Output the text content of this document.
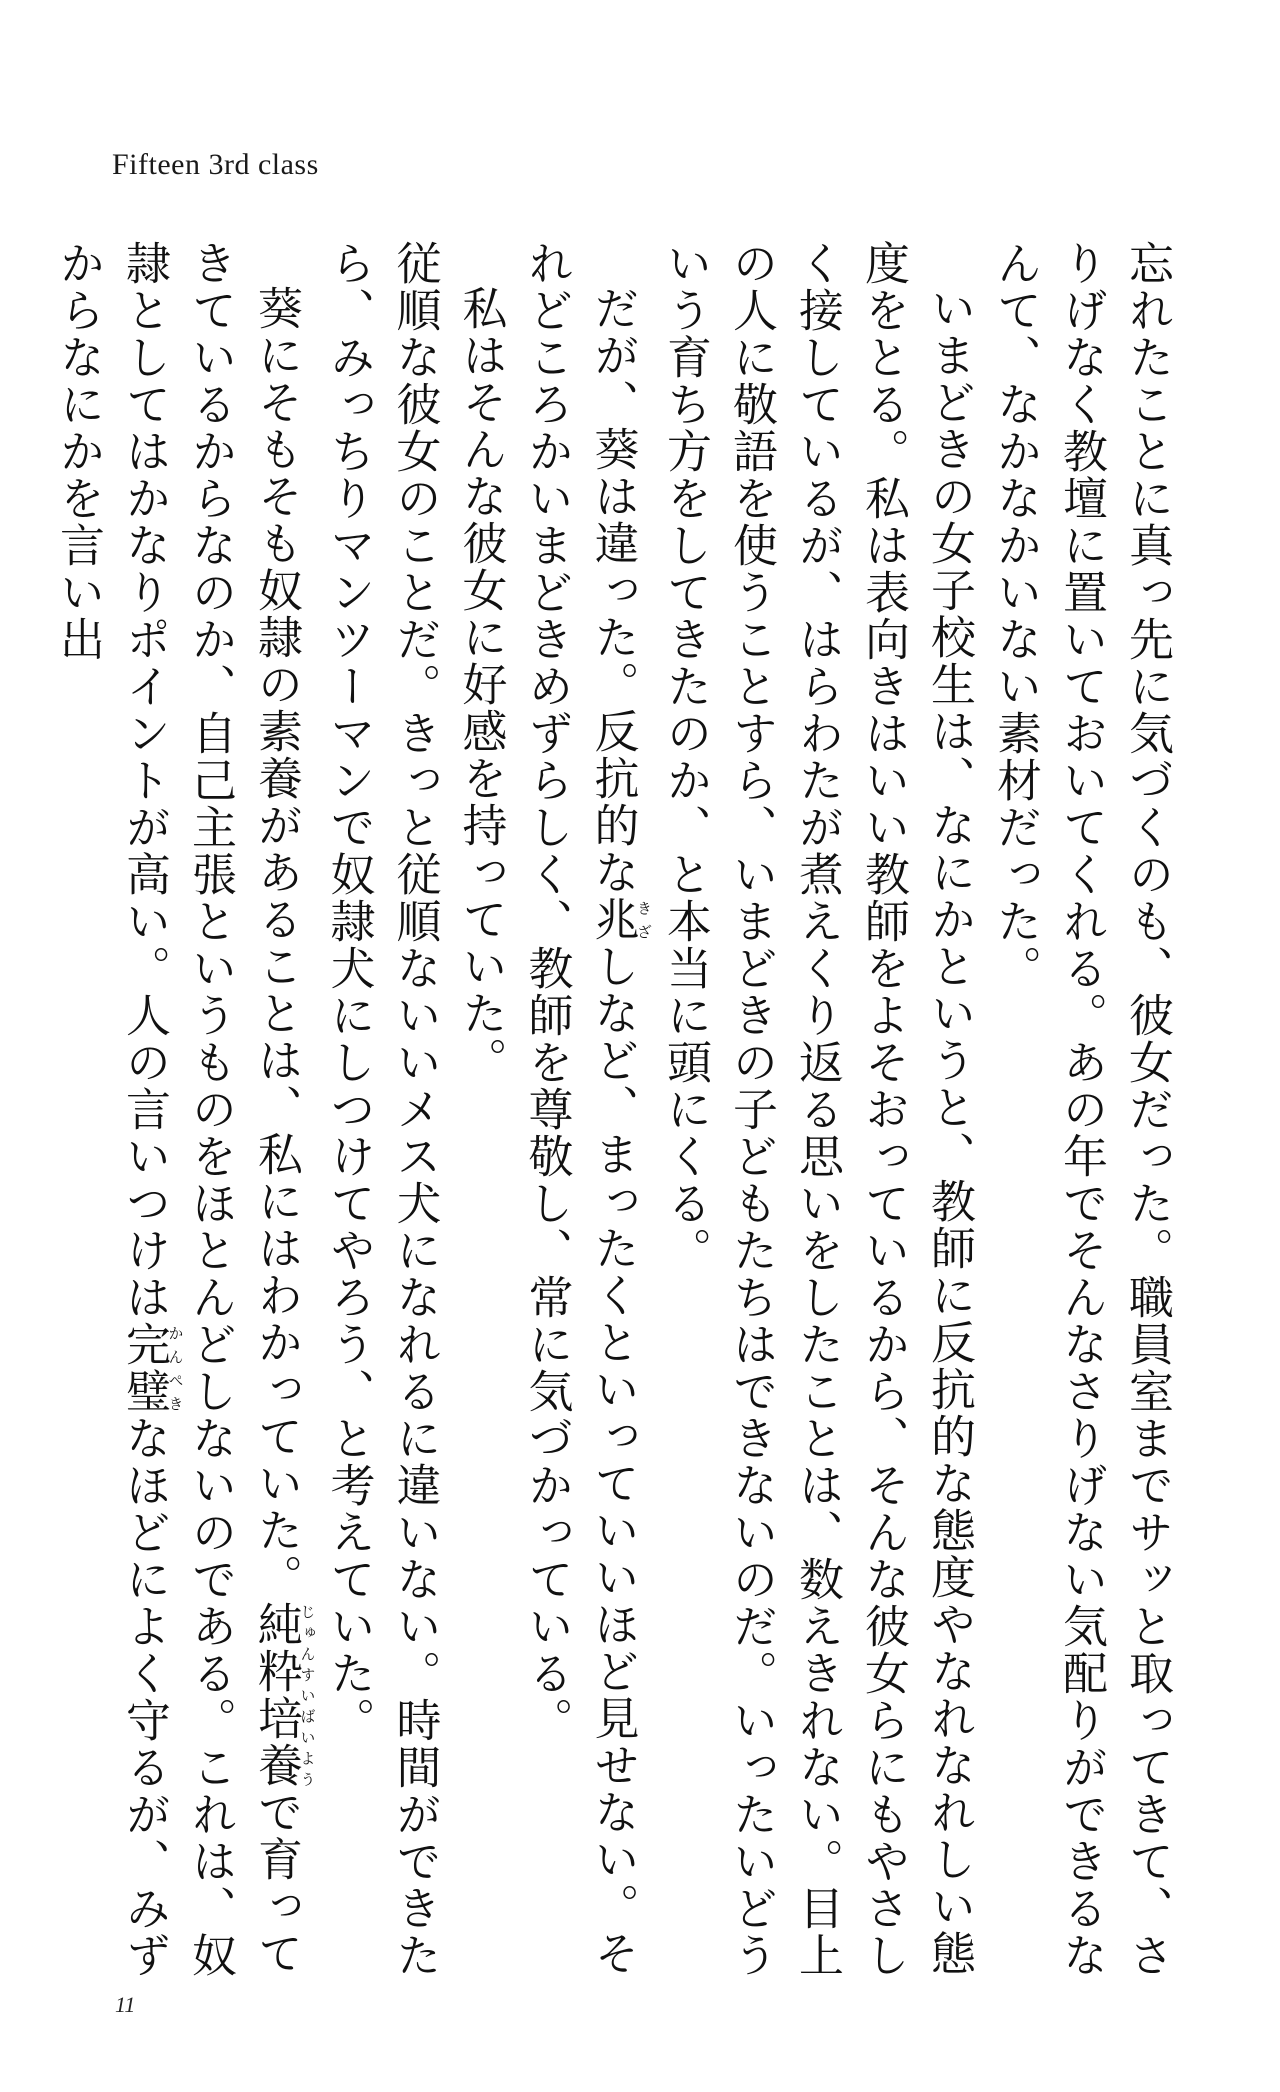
Fifteen 3rd class

忘れたことに真っ先に気づくのも、彼女だった。職員室までサッと取ってきて、さりげなく教壇に置いておいてくれる。あの年でそんなさりげない気配りができるなんて、なかなかいない素材だった。

いまどきの女子校生は、なにかというと、教師に反抗的な態度やなれなれしい態度をとる。私は表向きはいい教師をよそおっているから、そんな彼女らにもやさしく接しているが、はらわたが煮えくり返る思いをしたことは、数えきれない。目上の人に敬語を使うことすら、いまどきの子どもたちはできないのだ。いったいどういう育ち方をしてきたのか、と本当に頭にくる。

だが、葵は違った。反抗的な兆きざしなど、まったくといっていいほど見せない。それどころかいまどきめずらしく、教師を尊敬し、常に気づかっている。

私はそんな彼女に好感を持っていた。

従順な彼女のことだ。きっと従順ないいメス犬になれるに違いない。時間ができたら、みっちりマンツーマンで奴隷犬にしつけてやろう、と考えていた。

葵にそもそも奴隷の素養があることは、私にはわかっていた。純粋培養じゅんすいばいようで育ってきているからなのか、自己主張というものをほとんどしないのである。これは、奴隷としてはかなりポイントが高い。人の言いつけは完璧かんぺきなほどによく守るが、みずからなにかを言い出

11
